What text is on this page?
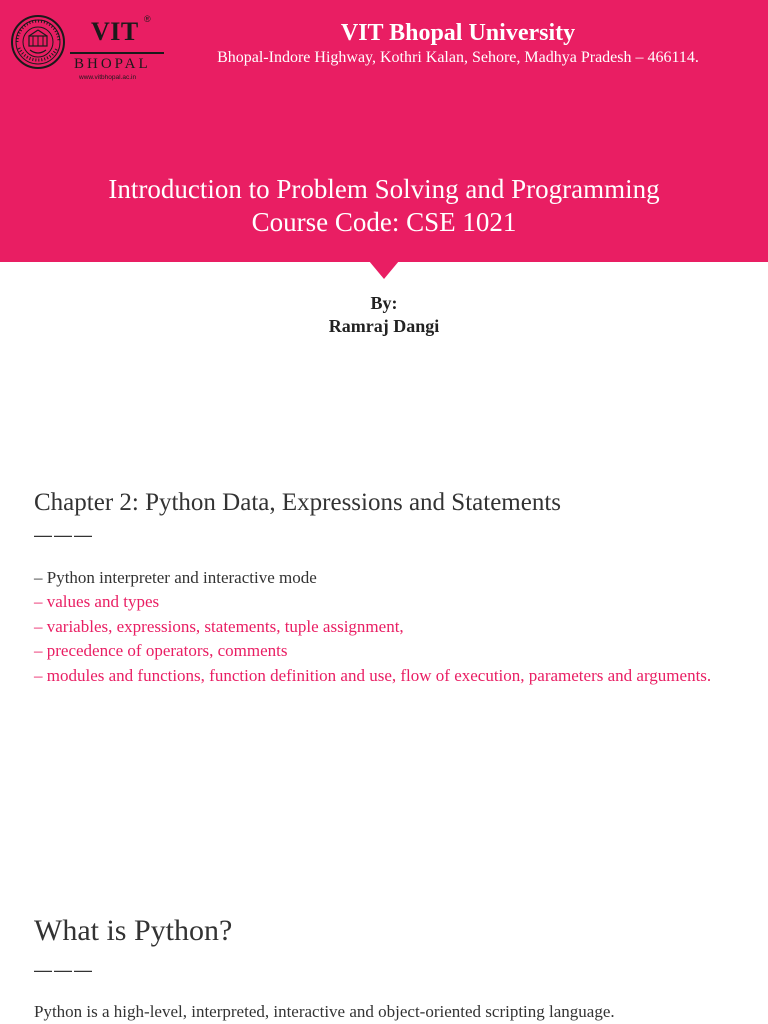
VIT ®
BHOPAL
www.vitbhopal.ac.in
VIT Bhopal University
Bhopal-Indore Highway, Kothri Kalan, Sehore, Madhya Pradesh – 466114.
Introduction to Problem Solving and Programming
Course Code: CSE 1021
By:
Ramraj Dangi
Chapter 2: Python Data, Expressions and Statements
———
– Python interpreter and interactive mode
– values and types
– variables, expressions, statements, tuple assignment,
– precedence of operators, comments
– modules and functions, function definition and use, flow of execution, parameters and arguments.
What is Python?
———
Python is a high-level, interpreted, interactive and object-oriented scripting language.
